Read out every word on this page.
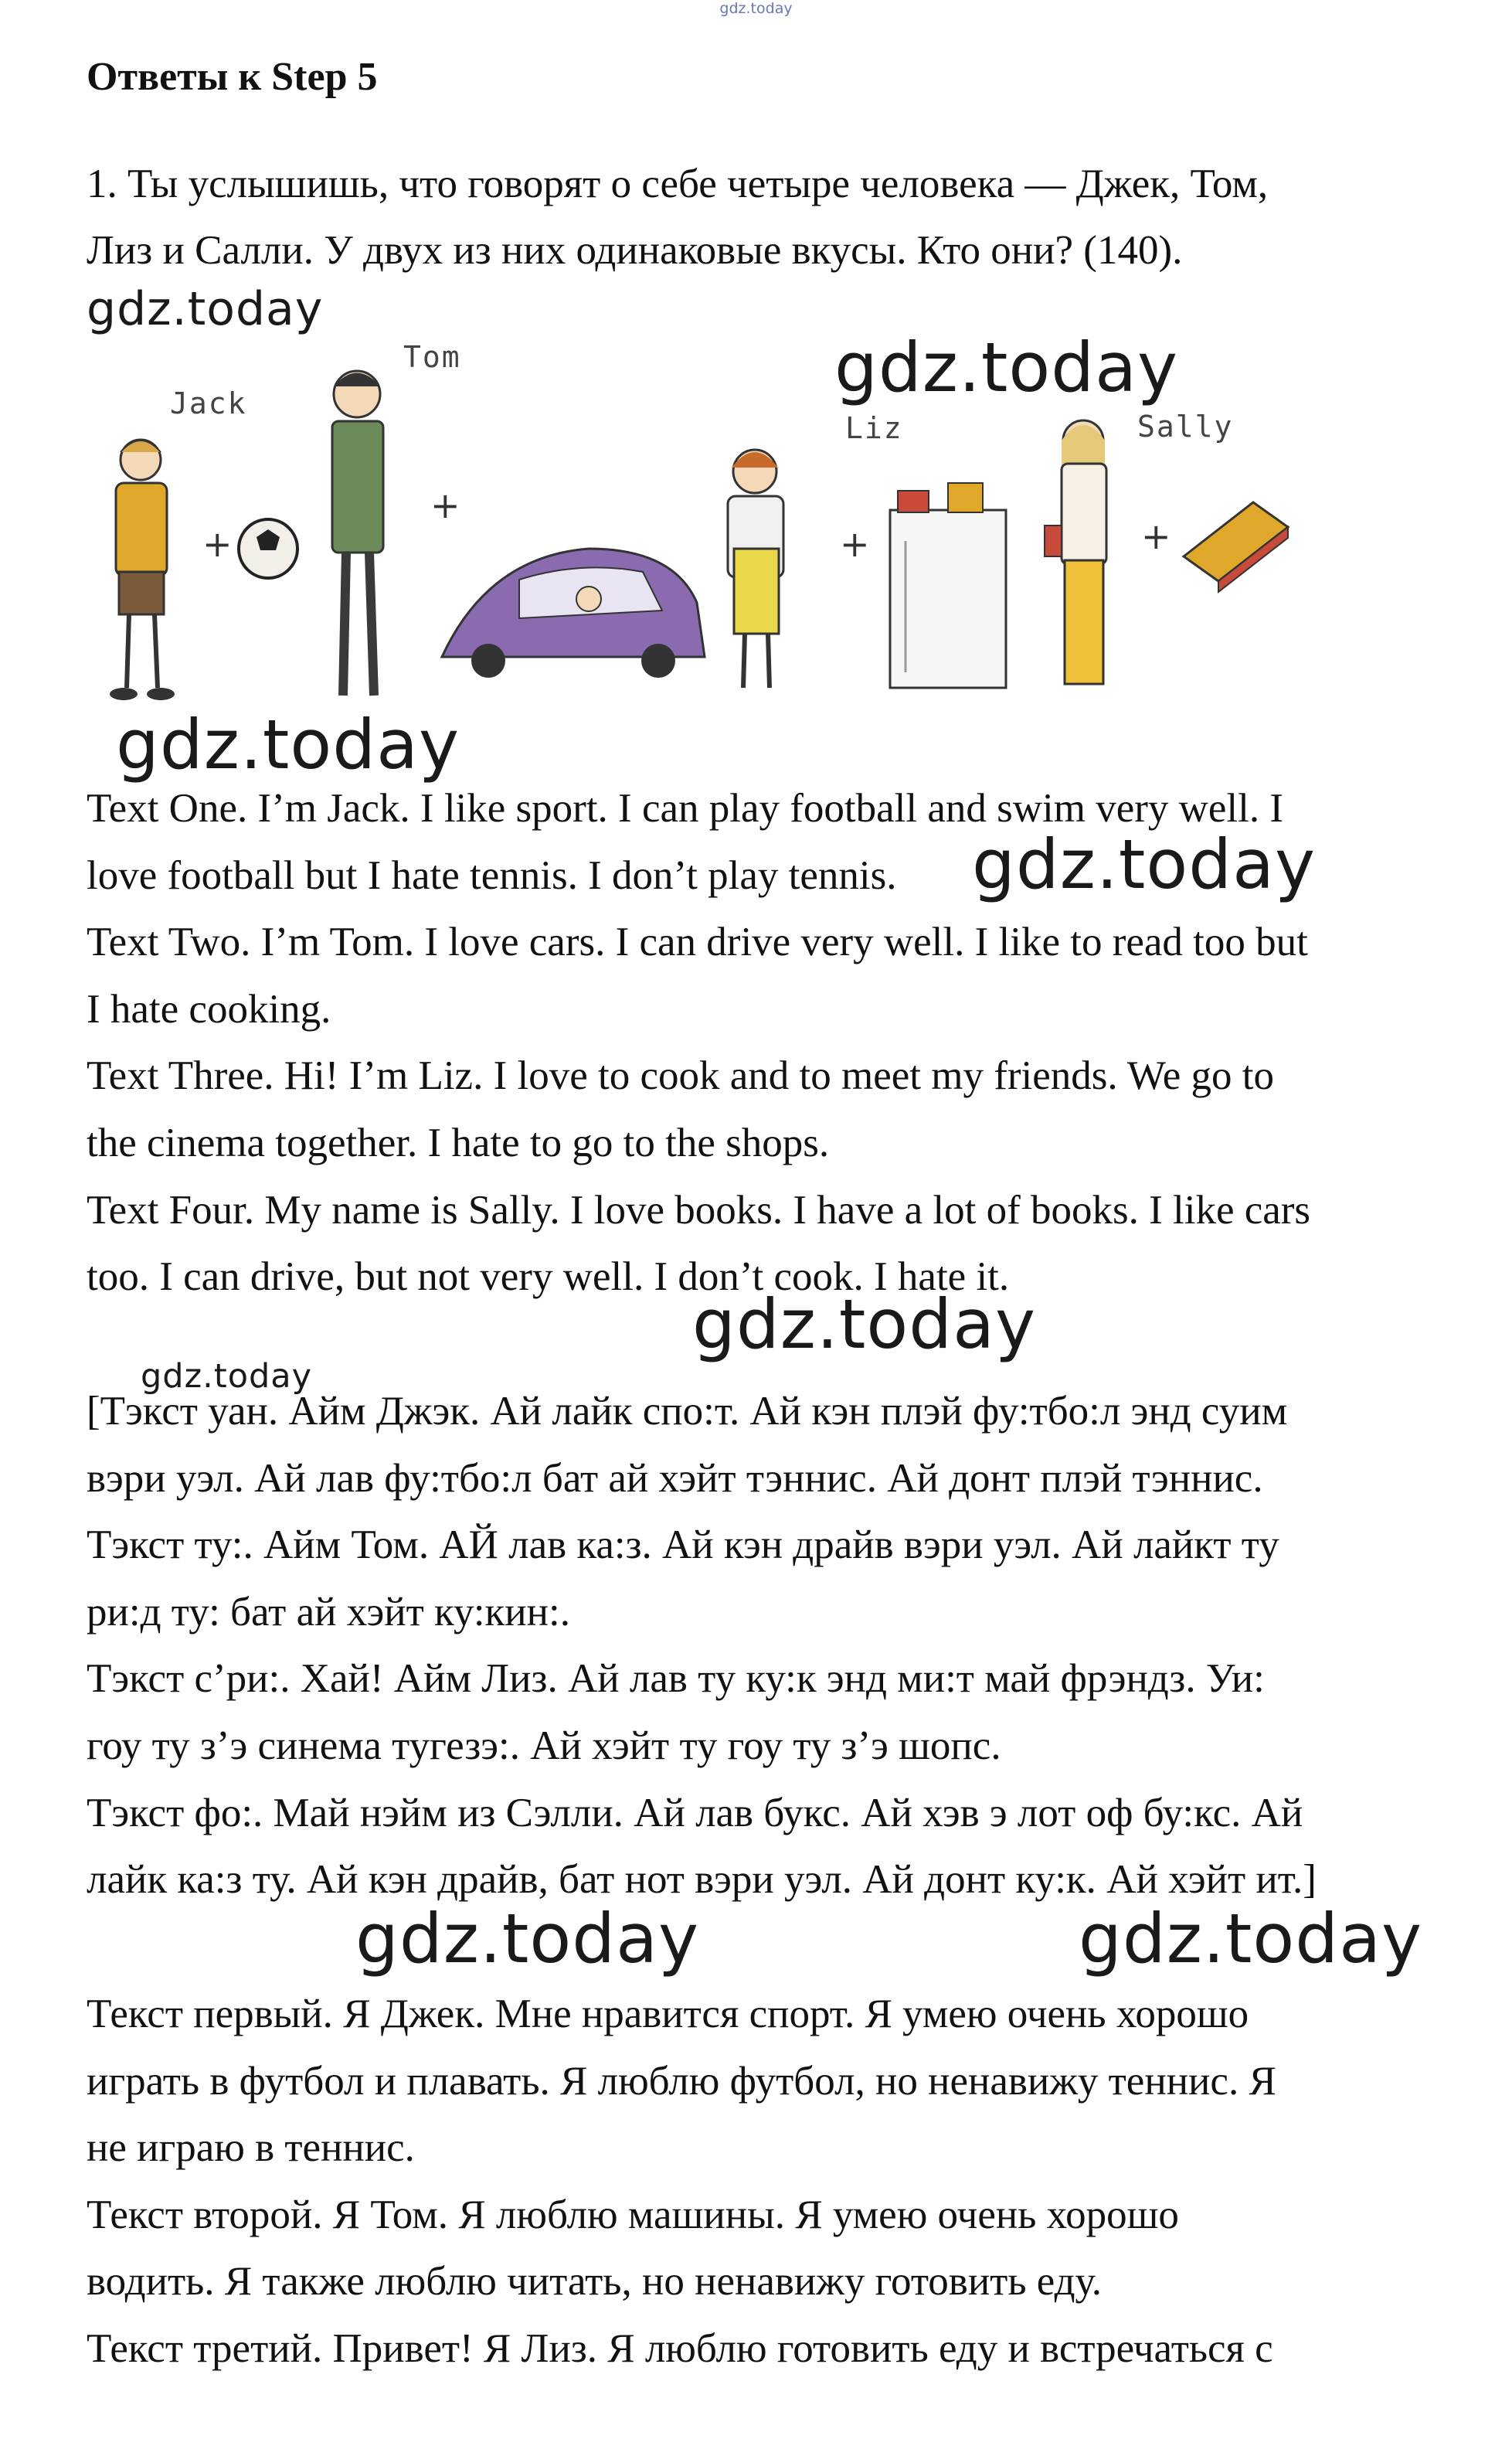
gdz.today
Ответы к Step 5
1. Ты услышишь, что говорят о себе четыре человека — Джек, Том,
Лиз и Салли. У двух из них одинаковые вкусы. Кто они? (140).
gdz.today
gdz.today
+
+
+	+
Jack
Tom
Liz	Sally
gdz.today
Text One. I’m Jack. I like sport. I can play football and swim very well. I
love football but I hate tennis. I don’t play tennis. gdz.today
Text Two. I’m Tom. I love cars. I can drive very well. I like to read too but
I hate cooking.
Text Three. Hi! I’m Liz. I love to cook and to meet my friends. We go to
the cinema together. I hate to go to the shops.
Text Four. My name is Sally. I love books. I have a lot of books. I like cars
too. I can drive, but not very well. I don’t cook. I hate it.
gdz.today
gdz.today
[Тэкст уан. Айм Джэк. Ай лайк спо:т. Ай кэн плэй фу:тбо:л энд суим
вэри уэл. Ай лав фу:тбо:л бат ай хэйт тэннис. Ай донт плэй тэннис.
Тэкст ту:. Айм Том. АЙ лав ка:з. Ай кэн драйв вэри уэл. Ай лайкт ту
ри:д ту: бат ай хэйт ку:кин:.
Тэкст с’ри:. Хай! Айм Лиз. Ай лав ту ку:к энд ми:т май фрэндз. Уи:
гоу ту з’э синема тугезэ:. Ай хэйт ту гоу ту з’э шопс.
Тэкст фо:. Май нэйм из Сэлли. Ай лав букс. Ай хэв э лот оф бу:кс. Ай
лайк ка:з ту. Ай кэн драйв, бат нот вэри уэл. Ай донт ку:к. Ай хэйт ит.]
gdz.today	gdz.today
Текст первый. Я Джек. Мне нравится спорт. Я умею очень хорошо
играть в футбол и плавать. Я люблю футбол, но ненавижу теннис. Я
не играю в теннис.
Текст второй. Я Том. Я люблю машины. Я умею очень хорошо
водить. Я также люблю читать, но ненавижу готовить еду.
Текст третий. Привет! Я Лиз. Я люблю готовить еду и встречаться с
